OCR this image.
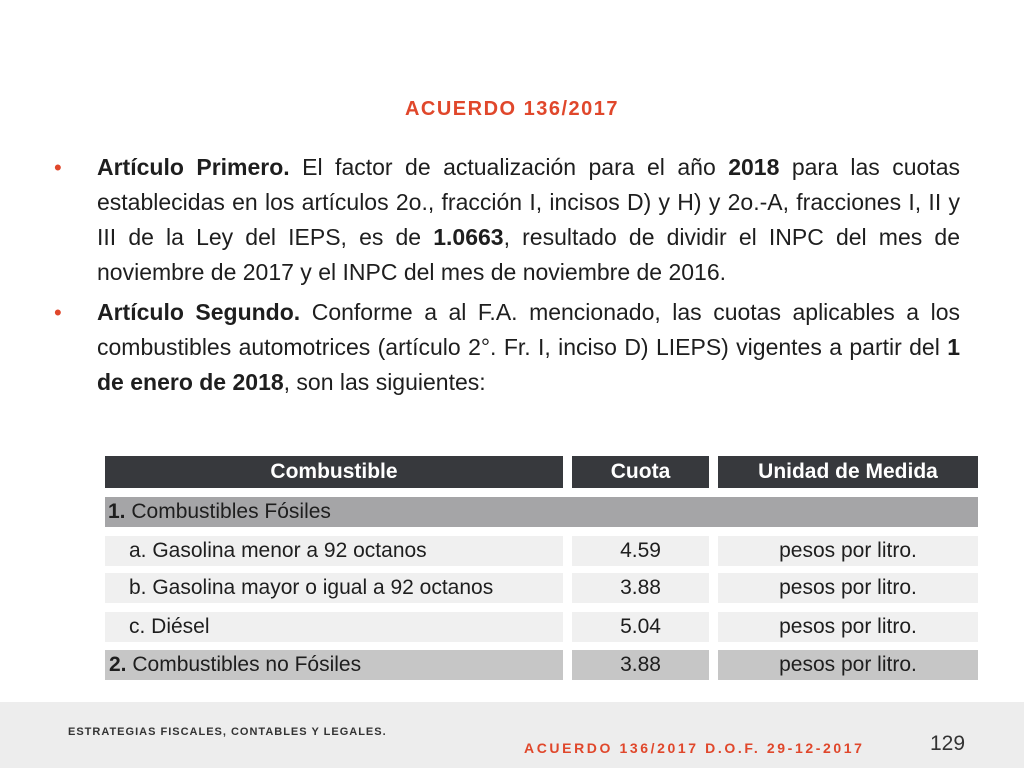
ACUERDO 136/2017
• Artículo Primero. El factor de actualización para el año 2018 para las cuotas establecidas en los artículos 2o., fracción I, incisos D) y H) y 2o.-A, fracciones I, II y III de la Ley del IEPS, es de 1.0663, resultado de dividir el INPC del mes de noviembre de 2017 y el INPC del mes de noviembre de 2016.
• Artículo Segundo. Conforme a al F.A. mencionado, las cuotas aplicables a los combustibles automotrices (artículo 2°. Fr. I, inciso D) LIEPS) vigentes a partir del 1 de enero de 2018, son las siguientes:
Combustible	Cuota	Unidad de Medida
1. Combustibles Fósiles
a. Gasolina menor a 92 octanos	4.59	pesos por litro.
b. Gasolina mayor o igual a 92 octanos	3.88	pesos por litro.
c. Diésel	5.04	pesos por litro.
2. Combustibles no Fósiles	3.88	pesos por litro.
ESTRATEGIAS FISCALES, CONTABLES Y LEGALES.
ACUERDO 136/2017 D.O.F. 29-12-2017	129
